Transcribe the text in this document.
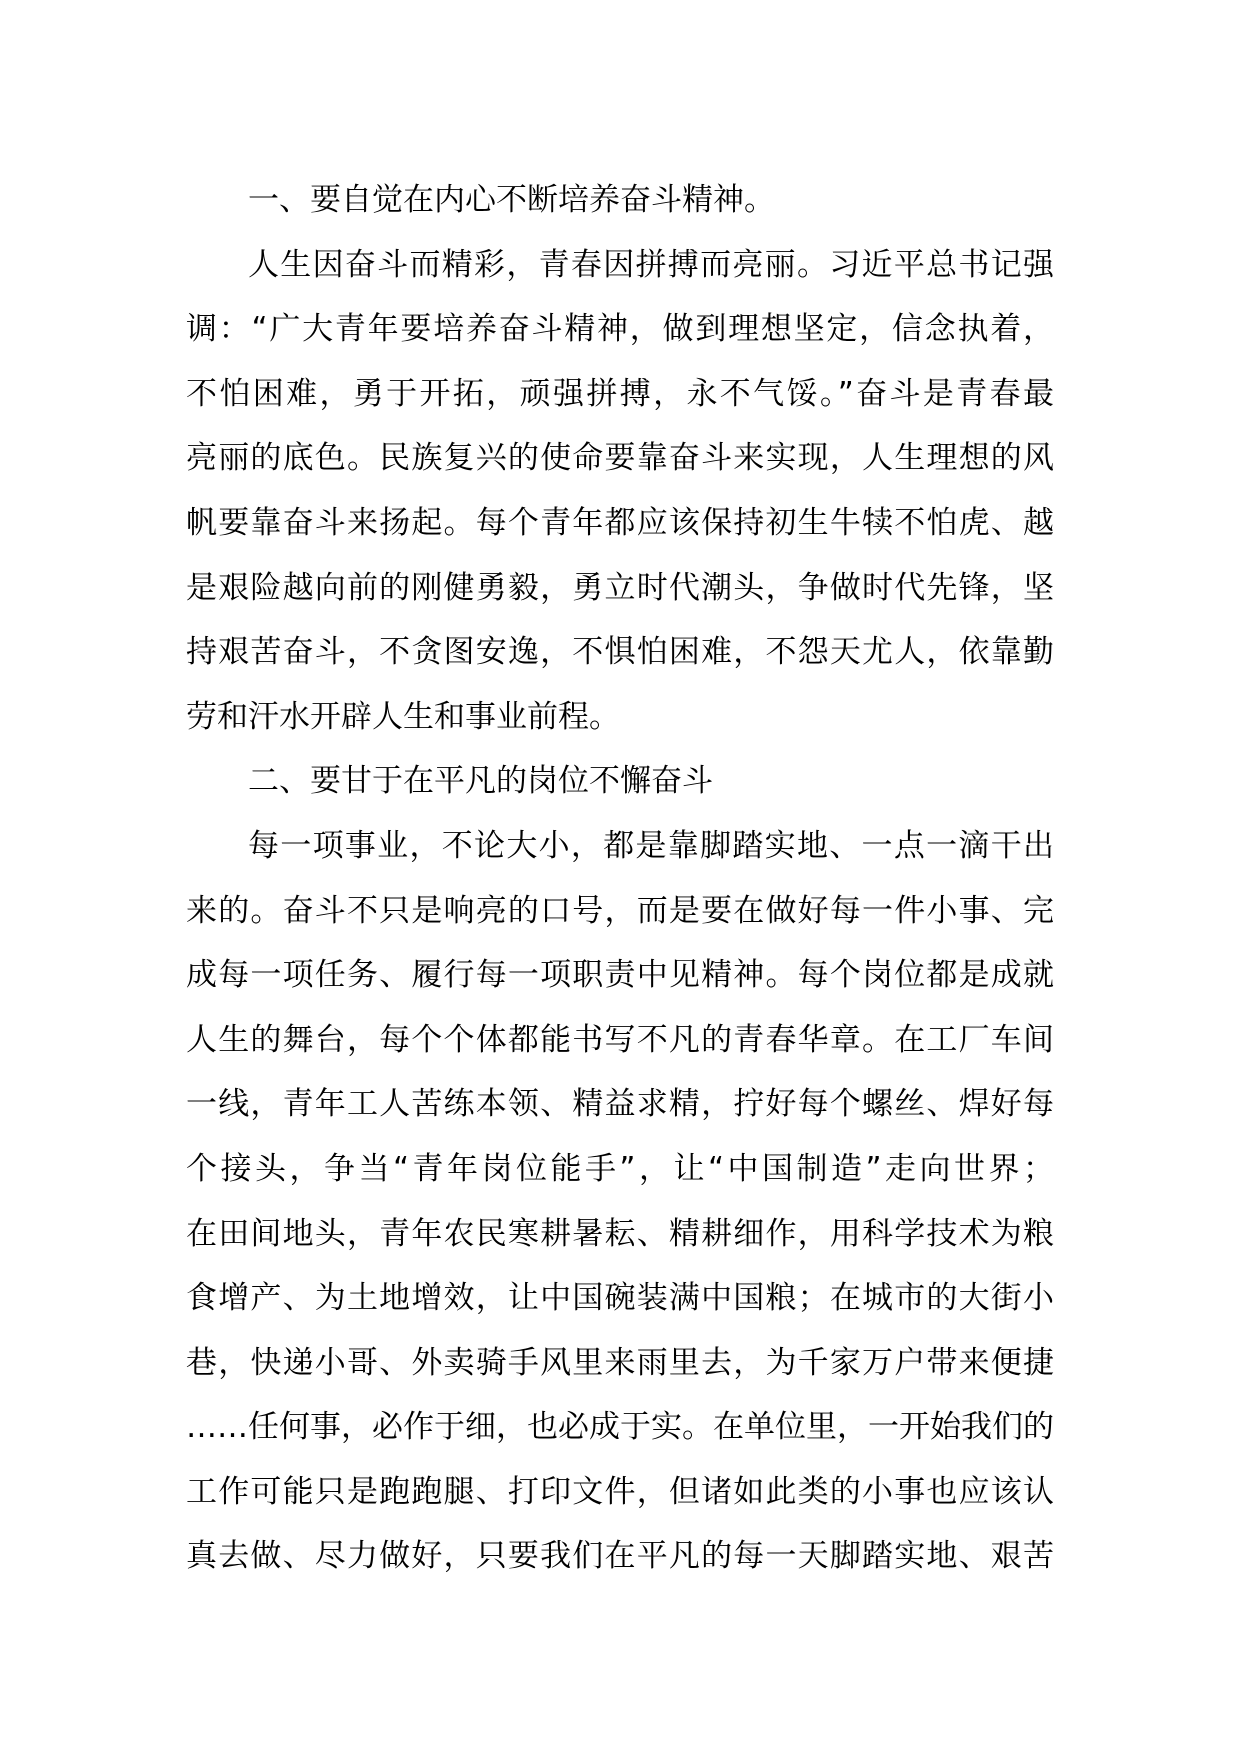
一、要自觉在内心不断培养奋斗精神。
人生因奋斗而精彩，青春因拼搏而亮丽。习近平总书记强
调：“广大青年要培养奋斗精神，做到理想坚定，信念执着，
不怕困难，勇于开拓，顽强拼搏，永不气馁。”奋斗是青春最
亮丽的底色。民族复兴的使命要靠奋斗来实现，人生理想的风
帆要靠奋斗来扬起。每个青年都应该保持初生牛犊不怕虎、越
是艰险越向前的刚健勇毅，勇立时代潮头，争做时代先锋，坚
持艰苦奋斗，不贪图安逸，不惧怕困难，不怨天尤人，依靠勤
劳和汗水开辟人生和事业前程。
二、要甘于在平凡的岗位不懈奋斗
每一项事业，不论大小，都是靠脚踏实地、一点一滴干出
来的。奋斗不只是响亮的口号，而是要在做好每一件小事、完
成每一项任务、履行每一项职责中见精神。每个岗位都是成就
人生的舞台，每个个体都能书写不凡的青春华章。在工厂车间
一线，青年工人苦练本领、精益求精，拧好每个螺丝、焊好每
个接头，争当“青年岗位能手”，让“中国制造”走向世界；
在田间地头，青年农民寒耕暑耘、精耕细作，用科学技术为粮
食增产、为土地增效，让中国碗装满中国粮；在城市的大街小
巷，快递小哥、外卖骑手风里来雨里去，为千家万户带来便捷
……任何事，必作于细，也必成于实。在单位里，一开始我们的
工作可能只是跑跑腿、打印文件，但诸如此类的小事也应该认
真去做、尽力做好，只要我们在平凡的每一天脚踏实地、艰苦
